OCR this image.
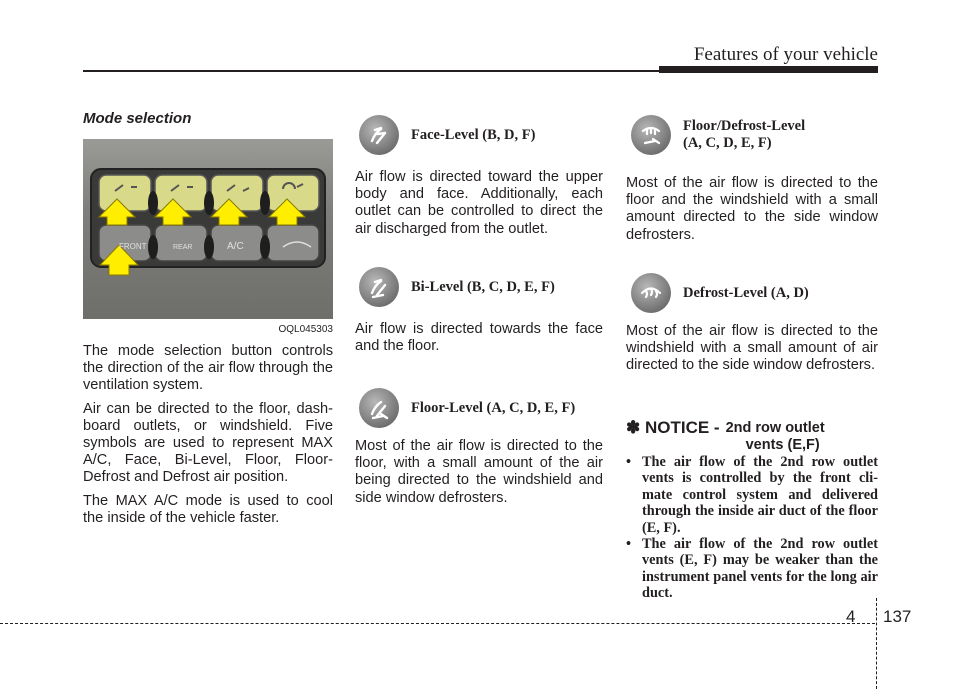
Features of your vehicle
Mode selection
FRONT	REAR	A/C
OQL045303

The mode selection button controls the direction of the air flow through the ventilation system.

Air can be directed to the floor, dash-board outlets, or windshield. Five symbols are used to represent MAX A/C, Face, Bi-Level, Floor, Floor-Defrost and Defrost air position.

The MAX A/C mode is used to cool the inside of the vehicle faster.

Face-Level (B, D, F)
Air flow is directed toward the upper body and face. Additionally, each outlet can be controlled to direct the air discharged from the outlet.
Bi-Level (B, C, D, E, F)
Air flow is directed towards the face and the floor.
Floor-Level (A, C, D, E, F)
Most of the air flow is directed to the floor, with a small amount of the air being directed to the windshield and side window defrosters.
Floor/Defrost-Level
(A, C, D, E, F)
Most of the air flow is directed to the floor and the windshield with a small amount directed to the side window defrosters.
Defrost-Level (A, D)
Most of the air flow is directed to the windshield with a small amount of air directed to the side window defrosters.
✽ NOTICE - 2nd row outlet
vents (E,F)
• The air flow of the 2nd row outlet vents is controlled by the front cli-mate control system and delivered through the inside air duct of the floor (E, F).
• The air flow of the 2nd row outlet vents (E, F) may be weaker than the instrument panel vents for the long air duct.
4 137
